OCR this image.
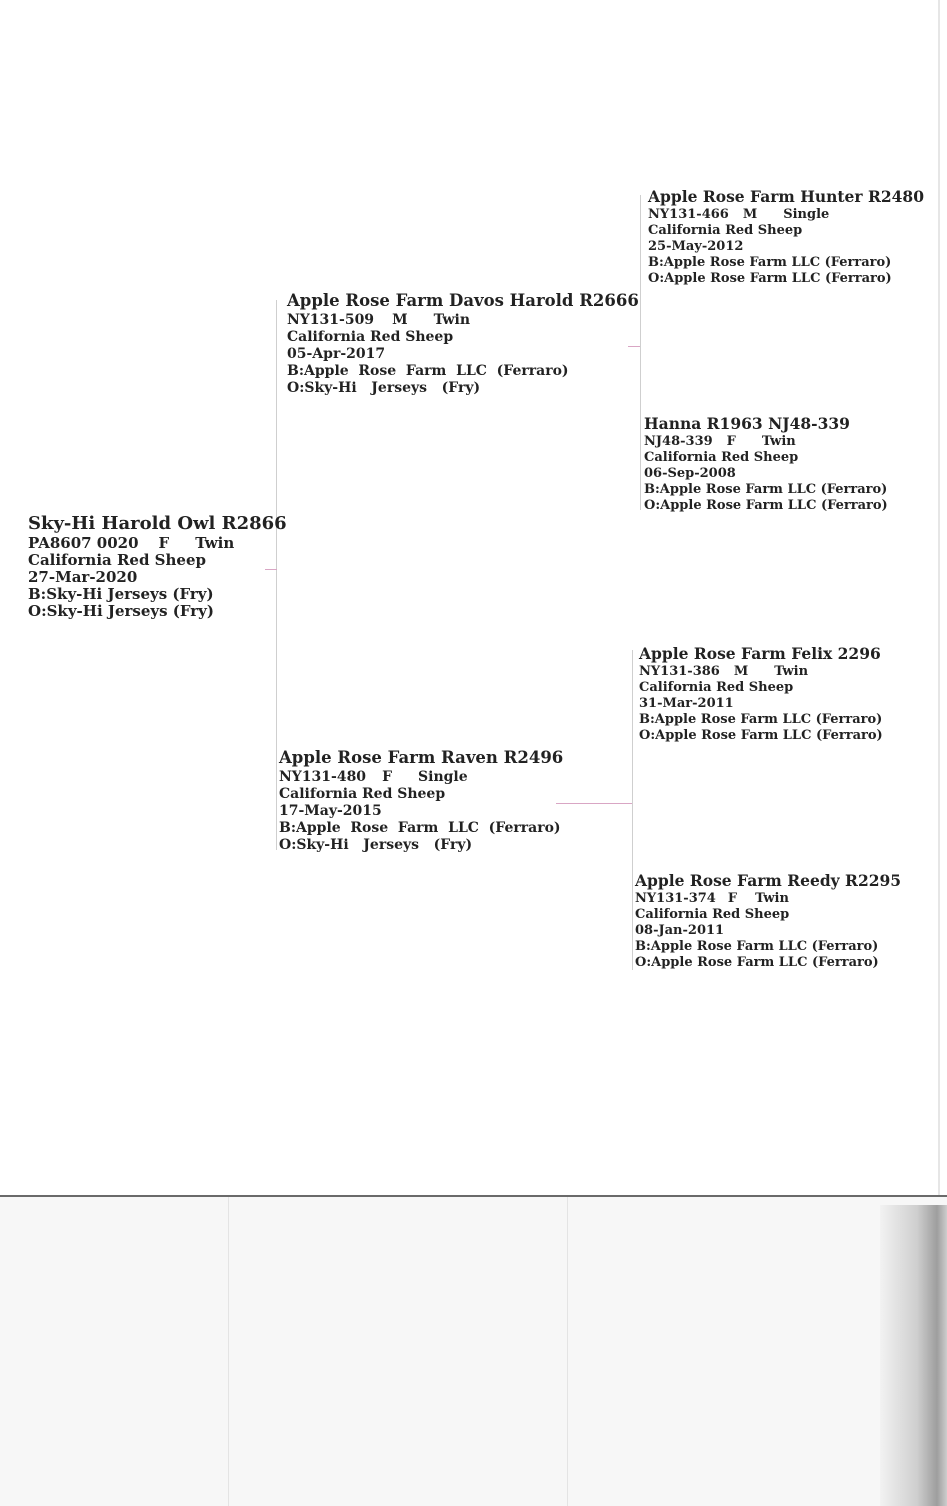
Sky-Hi Harold Owl R2866
PA8607 0020 F Twin
California Red Sheep
27-Mar-2020
B:Sky-Hi Jerseys (Fry)
O:Sky-Hi Jerseys (Fry)
Apple Rose Farm Davos Harold R2666
NY131-509 M Twin
California Red Sheep
05-Apr-2017
B:Apple  Rose  Farm  LLC  (Ferraro)
O:Sky-Hi   Jerseys   (Fry)
Apple Rose Farm Raven R2496
NY131-480 F Single
California Red Sheep
17-May-2015
B:Apple  Rose  Farm  LLC  (Ferraro)
O:Sky-Hi   Jerseys   (Fry)
Apple Rose Farm Hunter R2480
NY131-466 M Single
California Red Sheep
25-May-2012
B:Apple Rose Farm LLC (Ferraro)
O:Apple Rose Farm LLC (Ferraro)
Hanna R1963 NJ48-339
NJ48-339 F Twin
California Red Sheep
06-Sep-2008
B:Apple Rose Farm LLC (Ferraro)
O:Apple Rose Farm LLC (Ferraro)
Apple Rose Farm Felix 2296
NY131-386 M Twin
California Red Sheep
31-Mar-2011
B:Apple Rose Farm LLC (Ferraro)
O:Apple Rose Farm LLC (Ferraro)
Apple Rose Farm Reedy R2295
NY131-374 F Twin
California Red Sheep
08-Jan-2011
B:Apple Rose Farm LLC (Ferraro)
O:Apple Rose Farm LLC (Ferraro)
